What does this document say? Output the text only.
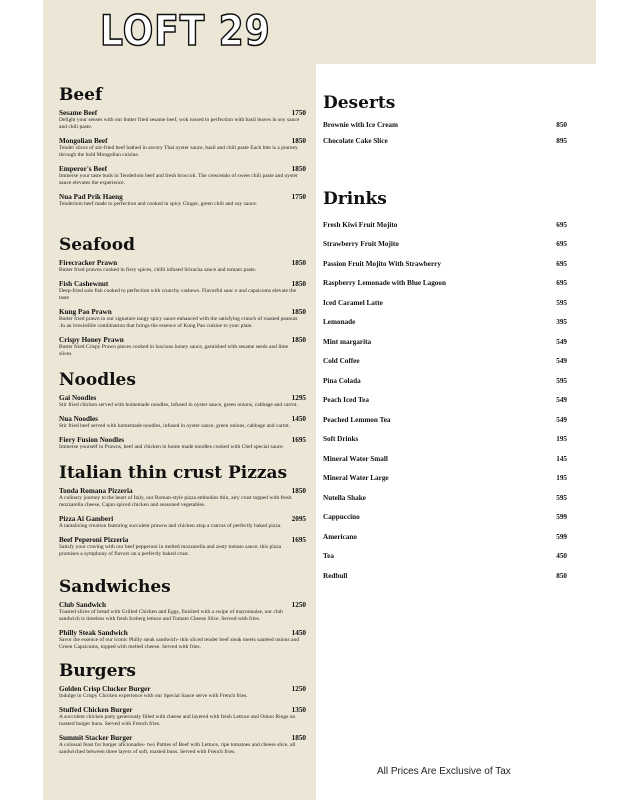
LOFT 29
Beef
Sesame Beef	1750
Delight your senses with our butter fried sesame beef, wok tossed to perfection with basil leaves in soy sauce and chili paste.
Mongolian Beef	1850
Tender slices of stir-fried beef bathed in savory Thai oyster sauce, basil and chili paste Each bite is a journey through the bold Mongolian cuisine.
Emperor's Beef	1850
Immerse your taste buds in Tenderloin beef and fresh broccoli. The crescendo of sweet chili paste and oyster sauce elevates the experience.
Nua Pad Prik Haeng	1750
Tenderloin beef made to perfection and cooked in spicy Ginger, green chili and soy sauce.
Seafood
Firecracker Prawn	1850
Butter fried prawns cooked in fiery spices, chilli infused Sriracha sauce and tomato paste.
Fish Cashewnut	1850
Deep-fried sole fish cooked to perfection with crunchy cashews. Flavorful sauc e and capsicums elevate the taste
Kung Pao Prawn	1850
Butter fried prawn in our signature tangy spicy sauce enhanced with the satisfying crunch of roasted peanuts .In an irresistible combination that brings the essence of Kung Pao cuisine to your plate.
Crispy Honey Prawn	1850
Butter fried Crispy Prawn pieces cooked in luscious honey sauce, garnished with sesame seeds and lime slices.
Noodles
Gai Noodles	1295
Stir fried chicken served with homemade noodles, infused in oyster sauce, green onions, cabbage and carrot.
Nua Noodles	1450
Stir fried beef served with homemade noodles, infused in oyster sauce, green onions, cabbage and carrot.
Fiery Fusion Noodles	1695
Immerse yourself in Prawns, beef and chicken in home made noodles cooked with Chef special sauce.
Italian thin crust Pizzas
Tonda Romana Pizzeria	1850
A culinary journey to the heart of Italy, our Roman-style pizza embodies thin, airy crust topped with fresh mozzarella cheese, Cajun spiced chicken and seasoned vegetables.
Pizza Ai Gamberi	2095
A tantalizing creation featuring succulent prawns and chicken atop a canvas of perfectly baked pizza.
Beef Peperoni Pizzeria	1695
Satisfy your craving with our beef pepperoni in melted mozzarella and zesty tomato sauce, this pizza promises a symphony of flavors on a perfectly baked crust.
Sandwiches
Club Sandwich	1250
Toasted slices of bread with Grilled Chicken and Eggs, finished with a swipe of mayonnaise, our club sandwich is timeless with fresh Iceberg lettuce and Tomato Cheese Slice. Served with fries.
Philly Steak Sandwich	1450
Savor the essence of our iconic Philly steak sandwich- thin sliced tender beef steak meets sautéed onions and Green Capsicums, topped with melted cheese. Served with fries.
Burgers
Golden Crisp Clucker Burger	1250
Indulge in Crispy Chicken experience with our Special Sauce serve with French fries.
Stuffed Chicken Burger	1350
A succulent chicken patty generously filled with cheese and layered with fresh Lettuce and Onion Rings on toasted burger buns. Served with French fries.
Summit Stacker Burger	1850
A colossal feast for burger aficionados- two Patties of Beef with Lettuce, ripe tomatoes and cheese slice, all sandwiched between three layers of soft, toasted buns. Served with French fries.
Deserts
Brownie with Ice Cream	850
Chocolate Cake Slice	895
Drinks
Fresh Kiwi Fruit Mojito	695
Strawberry Fruit Mojito	695
Passion Fruit Mojito With Strawberry	695
Raspberry Lemonade with Blue Lagoon	695
Iced Caramel Latte	595
Lemonade	395
Mint margarita	549
Cold Coffee	549
Pina Colada	595
Peach Iced Tea	549
Peached Lemmon Tea	549
Soft Drinks	195
Mineral Water Small	145
Mineral Water Large	195
Nutella Shake	595
Cappuccino	599
Americano	599
Tea	450
Redbull	850
All Prices Are Exclusive of Tax
